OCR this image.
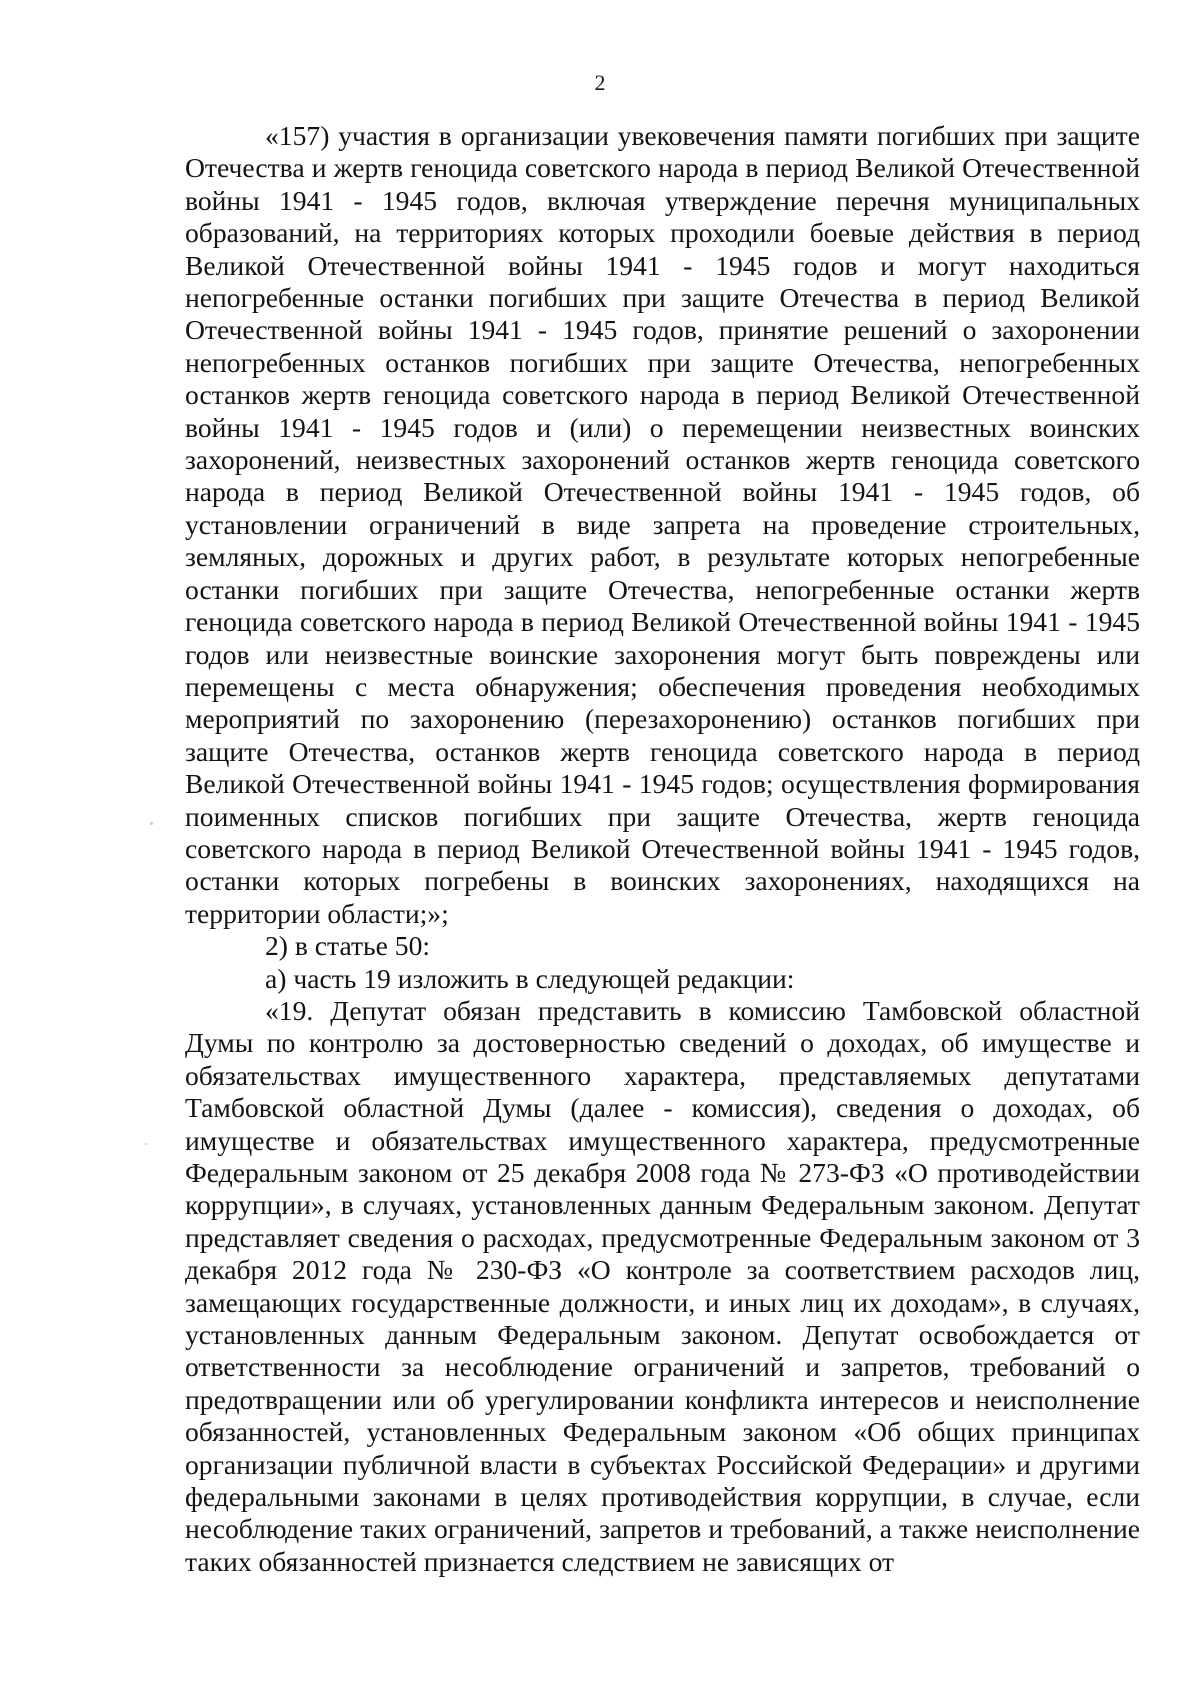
2

«157) участия в организации увековечения памяти погибших при защите Отечества и жертв геноцида советского народа в период Великой Отечественной войны 1941 - 1945 годов, включая утверждение перечня муниципальных образований, на территориях которых проходили боевые действия в период Великой Отечественной войны 1941 - 1945 годов и могут находиться непогребенные останки погибших при защите Отечества в период Великой Отечественной войны 1941 - 1945 годов, принятие решений о захоронении непогребенных останков погибших при защите Отечества, непогребенных останков жертв геноцида советского народа в период Великой Отечественной войны 1941 - 1945 годов и (или) о перемещении неизвестных воинских захоронений, неизвестных захоронений останков жертв геноцида советского народа в период Великой Отечественной войны 1941 - 1945 годов, об установлении ограничений в виде запрета на проведение строительных, земляных, дорожных и других работ, в результате которых непогребенные останки погибших при защите Отечества, непогребенные останки жертв геноцида советского народа в период Великой Отечественной войны 1941 - 1945 годов или неизвестные воинские захоронения могут быть повреждены или перемещены с места обнаружения; обеспечения проведения необходимых мероприятий по захоронению (перезахоронению) останков погибших при защите Отечества, останков жертв геноцида советского народа в период Великой Отечественной войны 1941 - 1945 годов; осуществления формирования поименных списков погибших при защите Отечества, жертв геноцида советского народа в период Великой Отечественной войны 1941 - 1945 годов, останки которых погребены в воинских захоронениях, находящихся на территории области;»;

2) в статье 50:

а) часть 19 изложить в следующей редакции:

«19. Депутат обязан представить в комиссию Тамбовской областной Думы по контролю за достоверностью сведений о доходах, об имуществе и обязательствах имущественного характера, представляемых депутатами Тамбовской областной Думы (далее - комиссия), сведения о доходах, об имуществе и обязательствах имущественного характера, предусмотренные Федеральным законом от 25 декабря 2008 года № 273-ФЗ «О противодействии коррупции», в случаях, установленных данным Федеральным законом. Депутат представляет сведения о расходах, предусмотренные Федеральным законом от 3 декабря 2012 года № 230-ФЗ «О контроле за соответствием расходов лиц, замещающих государственные должности, и иных лиц их доходам», в случаях, установленных данным Федеральным законом. Депутат освобождается от ответственности за несоблюдение ограничений и запретов, требований о предотвращении или об урегулировании конфликта интересов и неисполнение обязанностей, установленных Федеральным законом «Об общих принципах организации публичной власти в субъектах Российской Федерации» и другими федеральными законами в целях противодействия коррупции, в случае, если несоблюдение таких ограничений, запретов и требований, а также неисполнение таких обязанностей признается следствием не зависящих от
